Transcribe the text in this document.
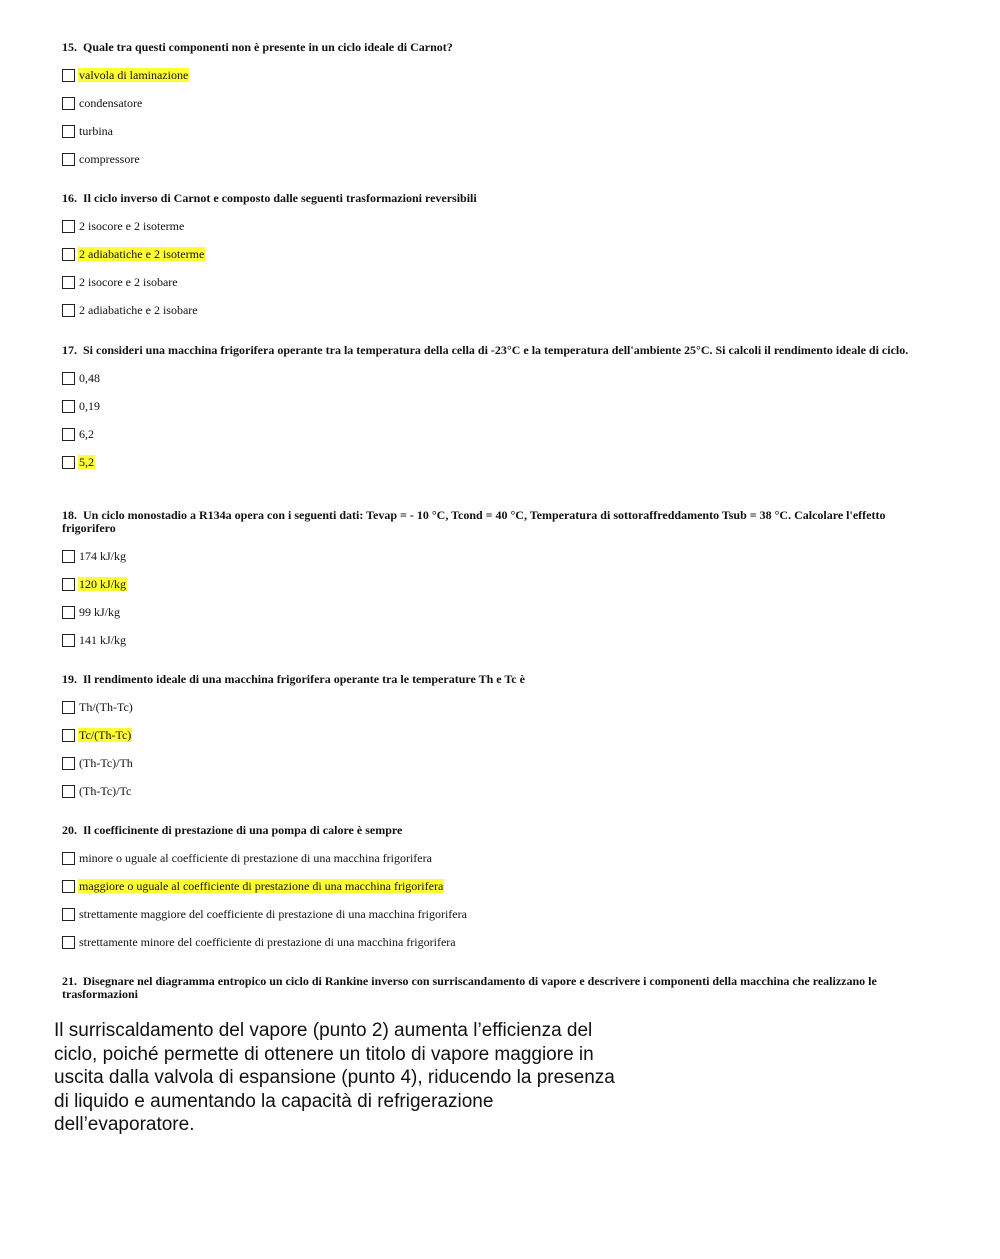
15. Quale tra questi componenti non è presente in un ciclo ideale di Carnot?

valvola di laminazione
condensatore
turbina
compressore

16. Il ciclo inverso di Carnot e composto dalle seguenti trasformazioni reversibili

2 isocore e 2 isoterme
2 adiabatiche e 2 isoterme
2 isocore e 2 isobare
2 adiabatiche e 2 isobare

17. Si consideri una macchina frigorifera operante tra la temperatura della cella di -23°C e la temperatura dell'ambiente 25°C. Si calcoli il rendimento ideale di ciclo.

0,48
0,19
6,2
5,2

18. Un ciclo monostadio a R134a opera con i seguenti dati: Tevap = - 10 °C, Tcond = 40 °C, Temperatura di sottoraffreddamento Tsub = 38 °C. Calcolare l'effetto frigorifero

174 kJ/kg
120 kJ/kg
99 kJ/kg
141 kJ/kg

19. Il rendimento ideale di una macchina frigorifera operante tra le temperature Th e Tc è

Th/(Th-Tc)
Tc/(Th-Tc)
(Th-Tc)/Th
(Th-Tc)/Tc

20. Il coefficinente di prestazione di una pompa di calore è sempre

minore o uguale al coefficiente di prestazione di una macchina frigorifera
maggiore o uguale al coefficiente di prestazione di una macchina frigorifera
strettamente maggiore del coefficiente di prestazione di una macchina frigorifera
strettamente minore del coefficiente di prestazione di una macchina frigorifera

21. Disegnare nel diagramma entropico un ciclo di Rankine inverso con surriscandamento di vapore e descrivere i componenti della macchina che realizzano le trasformazioni

Il surriscaldamento del vapore (punto 2) aumenta l’efficienza del
ciclo, poiché permette di ottenere un titolo di vapore maggiore in
uscita dalla valvola di espansione (punto 4), riducendo la presenza
di liquido e aumentando la capacità di refrigerazione
dell’evaporatore.
